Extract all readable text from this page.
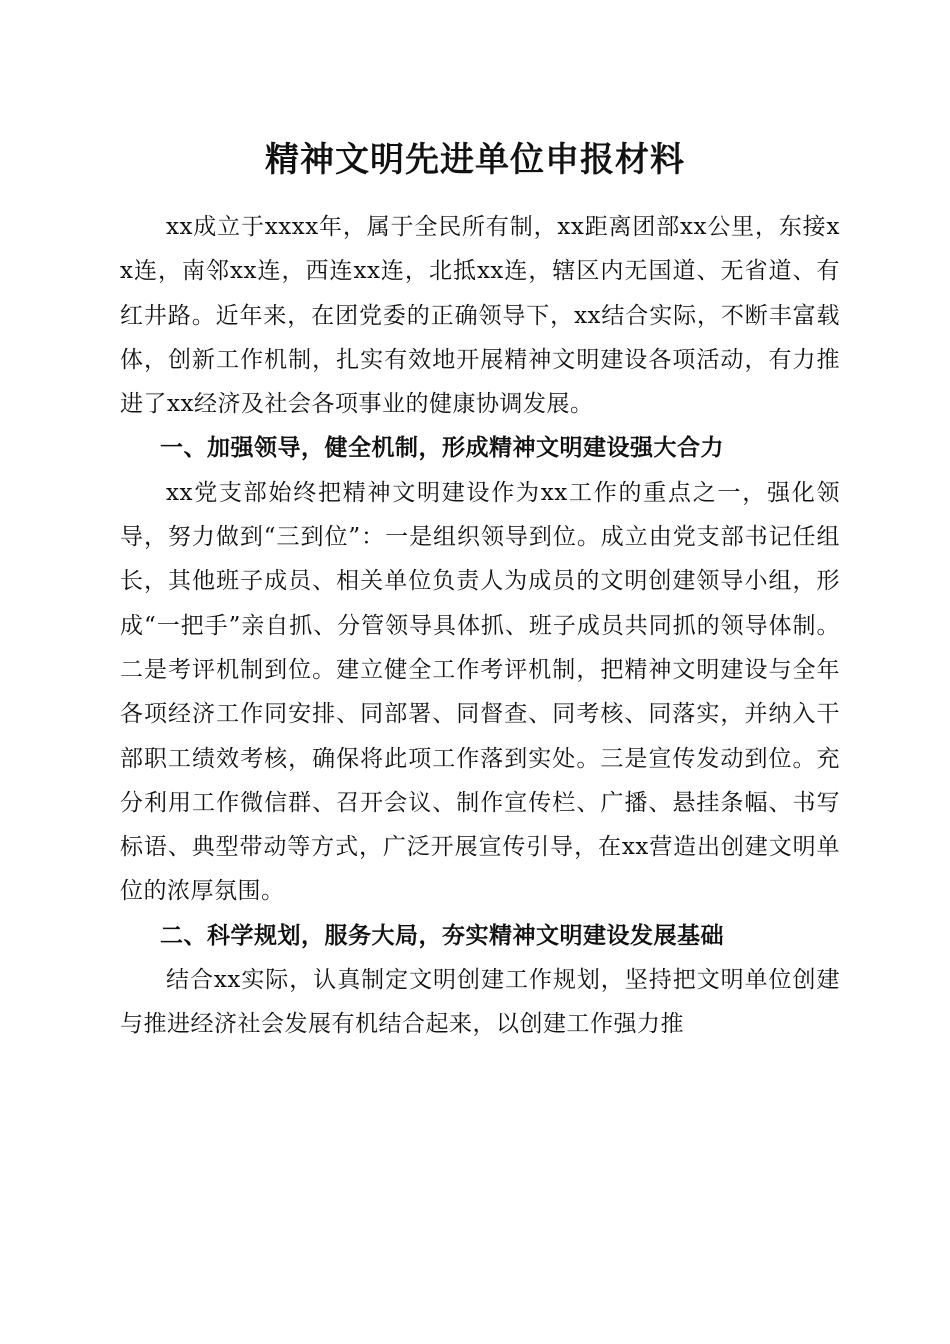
精神文明先进单位申报材料

xx成立于xxxx年，属于全民所有制，xx距离团部xx公里，东接xx连，南邻xx连，西连xx连，北抵xx连，辖区内无国道、无省道、有红井路。近年来，在团党委的正确领导下，xx结合实际，不断丰富载体，创新工作机制，扎实有效地开展精神文明建设各项活动，有力推进了xx经济及社会各项事业的健康协调发展。

一、加强领导，健全机制，形成精神文明建设强大合力

xx党支部始终把精神文明建设作为xx工作的重点之一，强化领导，努力做到“三到位”：一是组织领导到位。成立由党支部书记任组长，其他班子成员、相关单位负责人为成员的文明创建领导小组，形成“一把手”亲自抓、分管领导具体抓、班子成员共同抓的领导体制。二是考评机制到位。建立健全工作考评机制，把精神文明建设与全年各项经济工作同安排、同部署、同督查、同考核、同落实，并纳入干部职工绩效考核，确保将此项工作落到实处。三是宣传发动到位。充分利用工作微信群、召开会议、制作宣传栏、广播、悬挂条幅、书写标语、典型带动等方式，广泛开展宣传引导，在xx营造出创建文明单位的浓厚氛围。

二、科学规划，服务大局，夯实精神文明建设发展基础

结合xx实际，认真制定文明创建工作规划，坚持把文明单位创建与推进经济社会发展有机结合起来，以创建工作强力推
